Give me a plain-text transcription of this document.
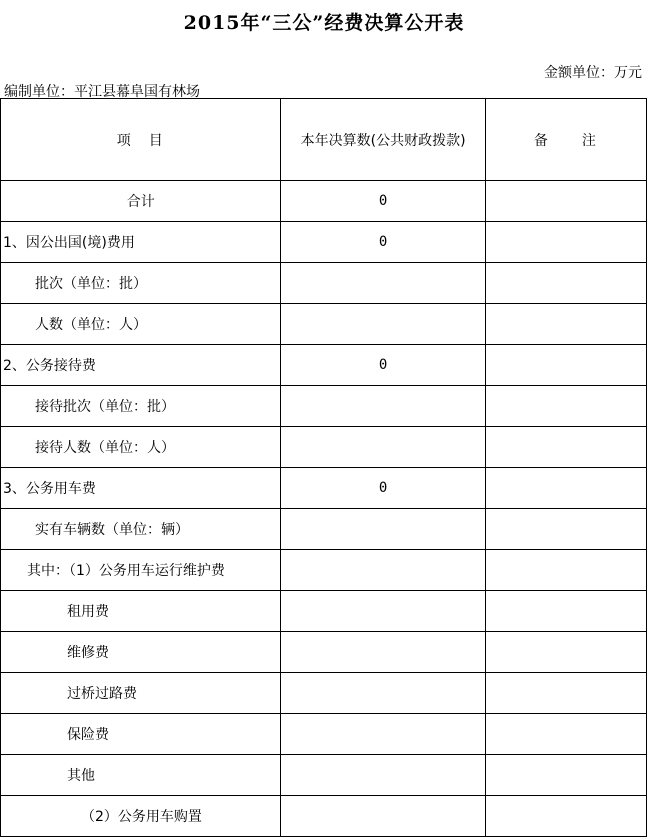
2015年“三公”经费决算公开表
金额单位：万元
编制单位：平江县幕阜国有林场
项　目	本年决算数(公共财政拨款)	备　　注
合计	0	
1、因公出国(境)费用	0	
批次（单位：批）		
人数（单位：人）		
2、公务接待费	0	
接待批次（单位：批）		
接待人数（单位：人）		
3、公务用车费	0	
实有车辆数（单位：辆）		
其中：（1）公务用车运行维护费		
租用费		
维修费		
过桥过路费		
保险费		
其他		
（2）公务用车购置		
